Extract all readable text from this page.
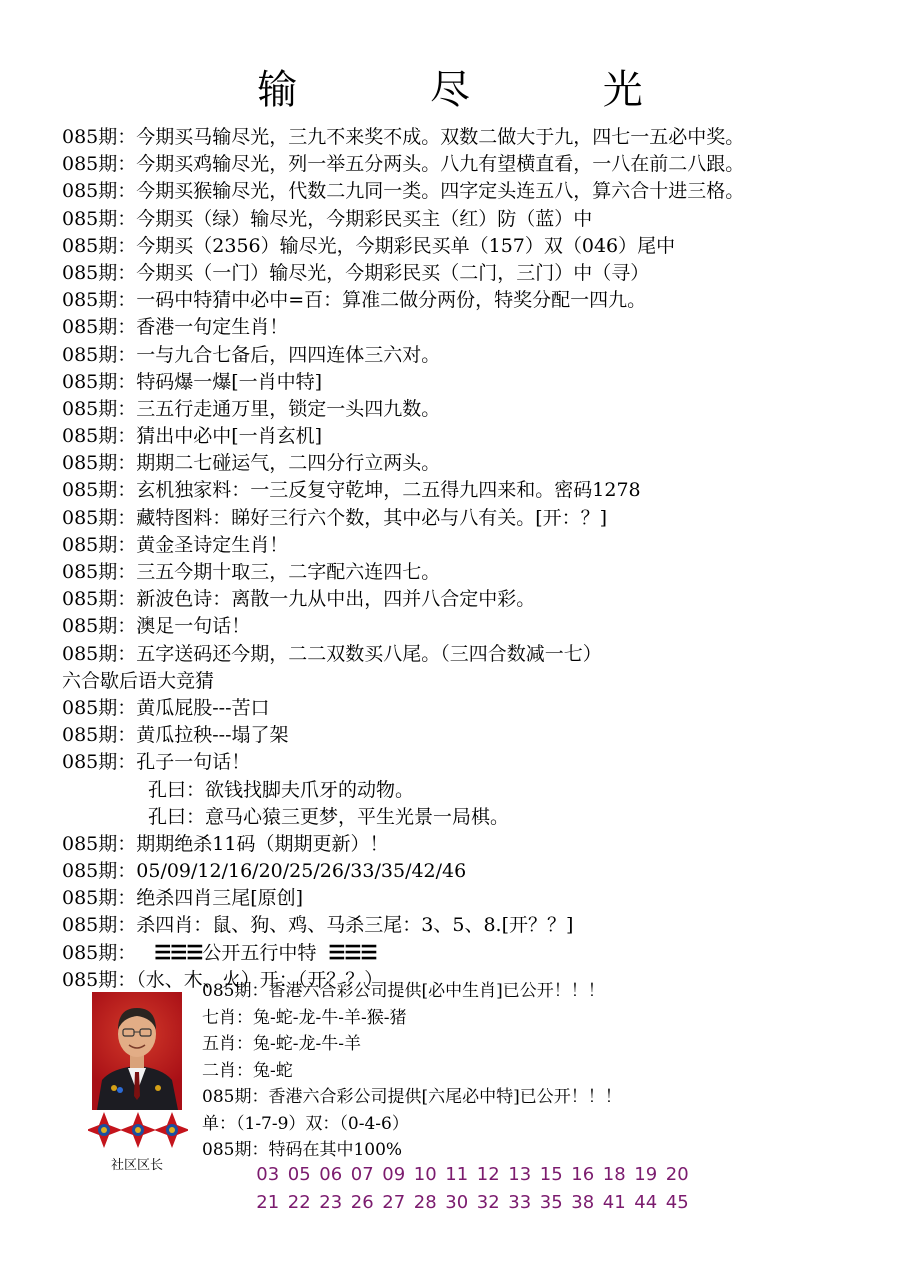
输 尽 光
085期：今期买马输尽光，三九不来奖不成。双数二做大于九，四七一五必中奖。
085期：今期买鸡输尽光，列一举五分两头。八九有望横直看，一八在前二八跟。
085期：今期买猴输尽光，代数二九同一类。四字定头连五八，算六合十进三格。
085期：今期买（绿）输尽光，今期彩民买主（红）防（蓝）中
085期：今期买（2356）输尽光，今期彩民买单（157）双（046）尾中
085期：今期买（一门）输尽光，今期彩民买（二门，三门）中（寻）
085期：一码中特猜中必中=百：算准二做分两份，特奖分配一四九。
085期：香港一句定生肖！
085期：一与九合七备后，四四连体三六对。
085期：特码爆一爆[一肖中特]
085期：三五行走通万里，锁定一头四九数。
085期：猜出中必中[一肖玄机]
085期：期期二七碰运气，二四分行立两头。
085期：玄机独家料：一三反复守乾坤，二五得九四来和。密码1278
085期：藏特图料：睇好三行六个数，其中必与八有关。[开：？]
085期：黄金圣诗定生肖！
085期：三五今期十取三，二字配六连四七。
085期：新波色诗：离散一九从中出，四并八合定中彩。
085期：澳足一句话！
085期：五字送码还今期，二二双数买八尾。（三四合数减一七）
六合歇后语大竞猜
085期：黄瓜屁股---苦口
085期：黄瓜拉秧---塌了架
085期：孔子一句话！
孔曰：欲钱找脚夫爪牙的动物。
孔曰：意马心猿三更梦，平生光景一局棋。
085期：期期绝杀11码（期期更新）！
085期：05/09/12/16/20/25/26/33/35/42/46
085期：绝杀四肖三尾[原创]
085期：杀四肖：鼠、狗、鸡、马杀三尾：3、5、8.[开？？]
085期： ☰☰☰公开五行中特 ☰☰☰
085期：（水、木、火）开：（开？？）
社区区长
085期：香港六合彩公司提供[必中生肖]已公开！！！
七肖：兔-蛇-龙-牛-羊-猴-猪
五肖：兔-蛇-龙-牛-羊
二肖：兔-蛇
085期：香港六合彩公司提供[六尾必中特]已公开！！！
单：（1-7-9）双：（0-4-6）
085期：特码在其中100%
03 05 06 07 09 10 11 12 13 15 16 18 19 20
21 22 23 26 27 28 30 32 33 35 38 41 44 45
